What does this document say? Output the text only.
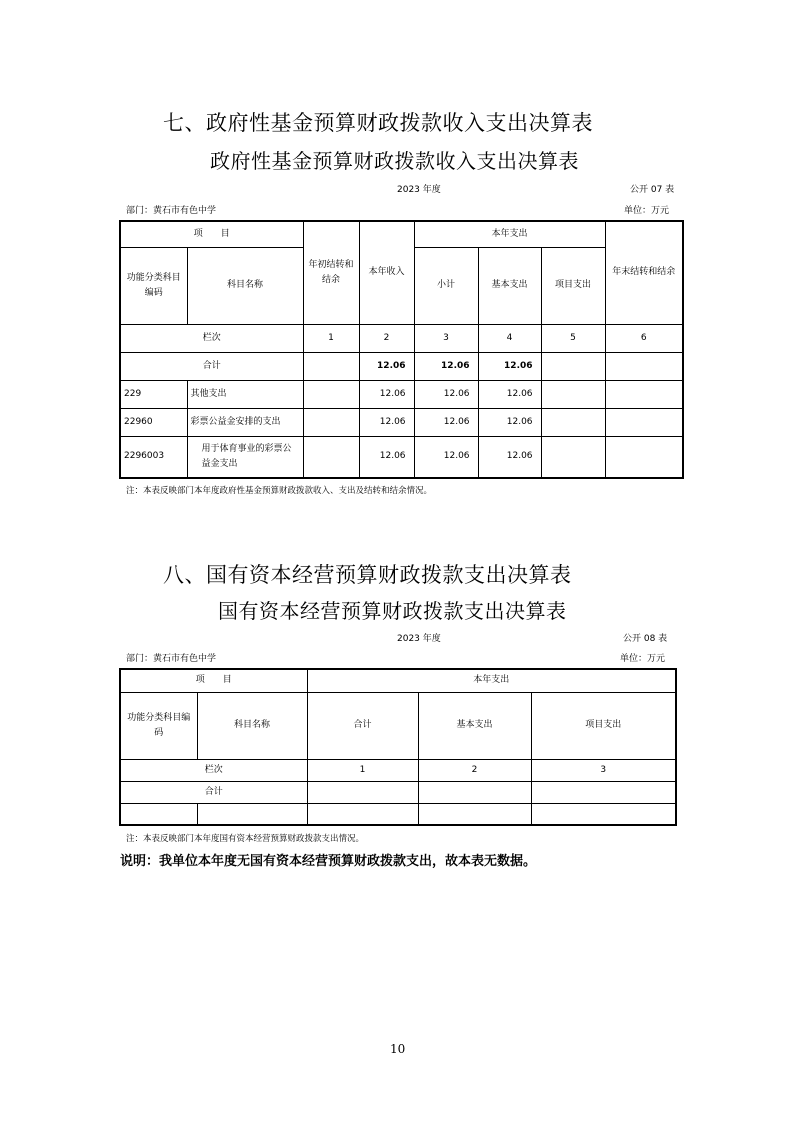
七、政府性基金预算财政拨款收入支出决算表
政府性基金预算财政拨款收入支出决算表
2023 年度	公开 07 表
部门：黄石市有色中学	单位：万元
项　　目		年初结转和结余	本年收入	本年支出			年末结转和结余
功能分类科目编码	科目名称			小计	基本支出	项目支出	
栏次		1	2	3	4	5	6
合计			12.06	12.06	12.06		
229	其他支出		12.06	12.06	12.06		
22960	彩票公益金安排的支出		12.06	12.06	12.06		
2296003	用于体育事业的彩票公益金支出		12.06	12.06	12.06		
注：本表反映部门本年度政府性基金预算财政拨款收入、支出及结转和结余情况。
八、国有资本经营预算财政拨款支出决算表
国有资本经营预算财政拨款支出决算表
2023 年度	公开 08 表
部门：黄石市有色中学	单位：万元
项　　目		本年支出		
功能分类科目编码	科目名称	合计	基本支出	项目支出
栏次		1	2	3
合计				

注：本表反映部门本年度国有资本经营预算财政拨款支出情况。
说明：我单位本年度无国有资本经营预算财政拨款支出，故本表无数据。
10
